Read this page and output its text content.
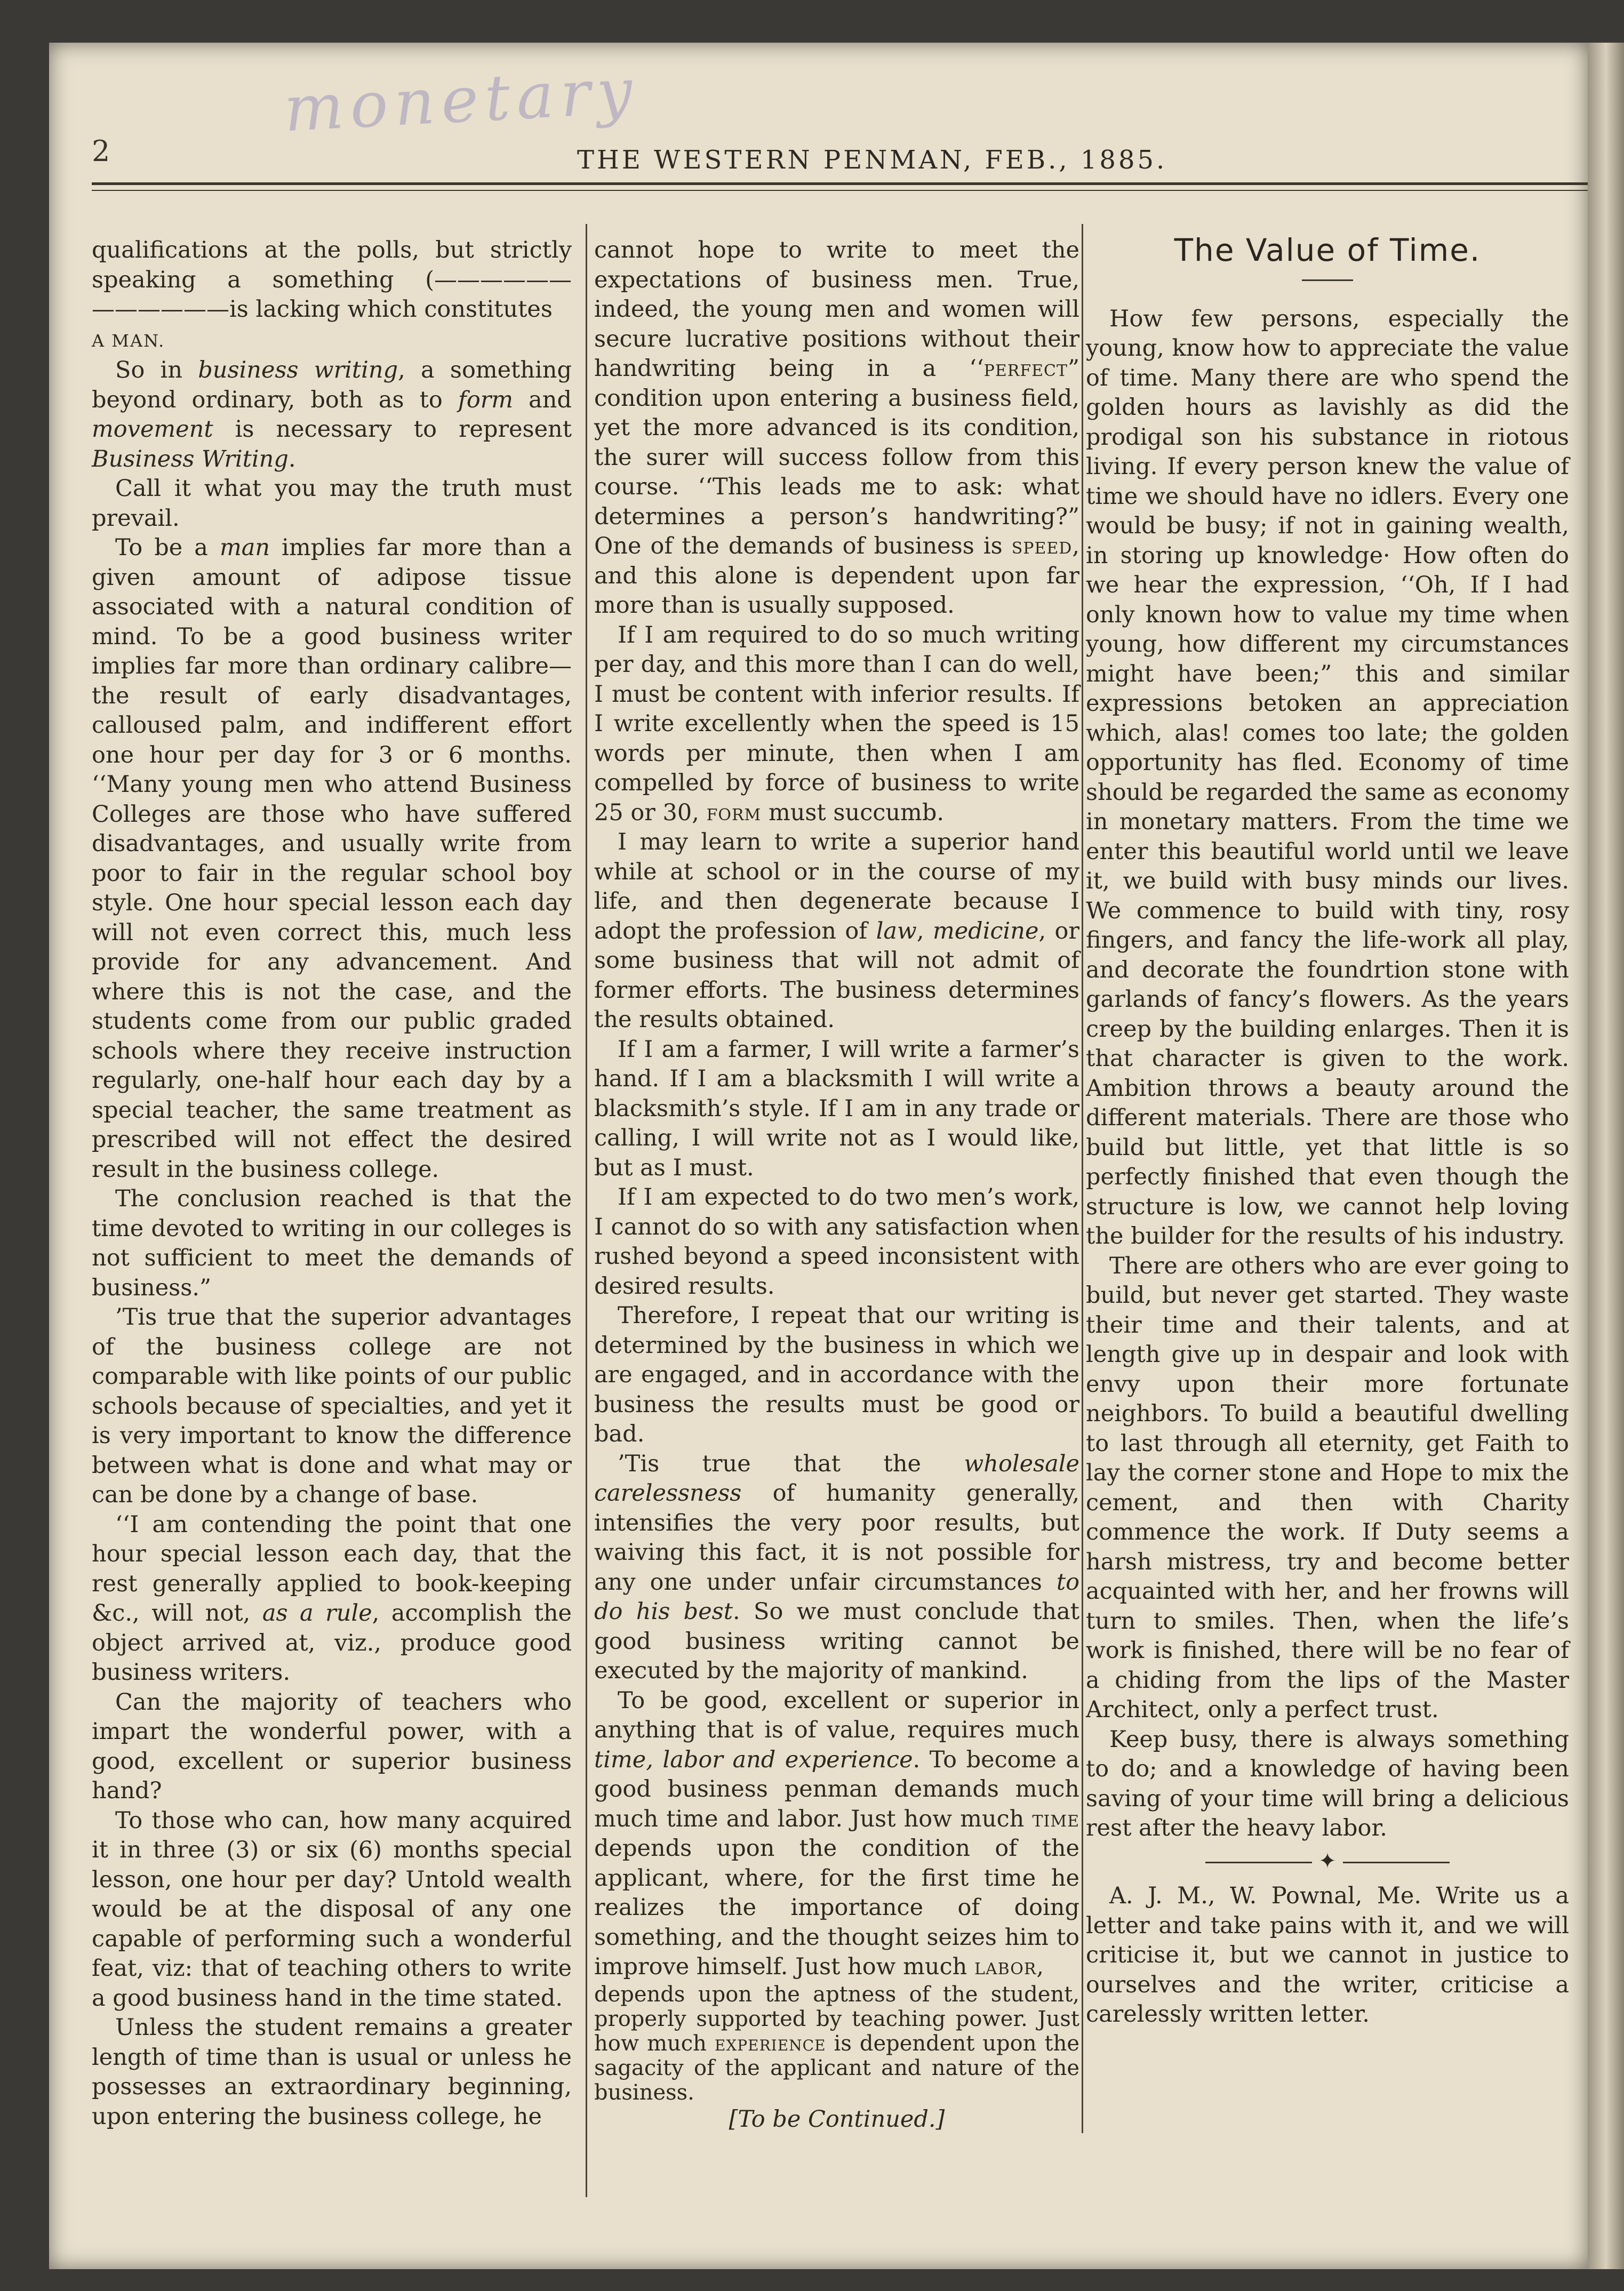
monetary
2	THE WESTERN PENMAN, FEB., 1885.

qualifications at the polls, but strictly speaking a something (—————— ——————is lacking which constitutes

A MAN.

So in business writing, a something beyond ordinary, both as to form and movement is necessary to represent Business Writing.

Call it what you may the truth must prevail.

To be a man implies far more than a given amount of adipose tissue associated with a natural condition of mind. To be a good business writer implies far more than ordinary calibre—the result of early disadvantages, calloused palm, and indifferent effort one hour per day for 3 or 6 months. ‘‘Many young men who attend Business Colleges are those who have suffered disadvantages, and usually write from poor to fair in the regular school boy style. One hour special lesson each day will not even correct this, much less provide for any advancement. And where this is not the case, and the students come from our public graded schools where they receive instruction regularly, one-half hour each day by a special teacher, the same treatment as prescribed will not effect the desired result in the business college.

The conclusion reached is that the time devoted to writing in our colleges is not sufficient to meet the demands of business.”

’Tis true that the superior advantages of the business college are not comparable with like points of our public schools because of specialties, and yet it is very important to know the difference between what is done and what may or can be done by a change of base.

‘‘I am contending the point that one hour special lesson each day, that the rest generally applied to book-keeping &c., will not, as a rule, accomplish the object arrived at, viz., produce good business writers.

Can the majority of teachers who impart the wonderful power, with a good, excellent or superior business hand?

To those who can, how many acquired it in three (3) or six (6) months special lesson, one hour per day? Untold wealth would be at the disposal of any one capable of performing such a wonderful feat, viz: that of teaching others to write a good business hand in the time stated.

Unless the student remains a greater length of time than is usual or unless he possesses an extraordinary beginning, upon entering the business college, he

cannot hope to write to meet the expectations of business men. True, indeed, the young men and women will secure lucrative positions without their handwriting being in a ‘‘perfect” condition upon entering a business field, yet the more advanced is its condition, the surer will success follow from this course. ‘‘This leads me to ask: what determines a person’s handwriting?” One of the demands of business is speed, and this alone is dependent upon far more than is usually supposed.

If I am required to do so much writing per day, and this more than I can do well, I must be content with inferior results. If I write excellently when the speed is 15 words per minute, then when I am compelled by force of business to write 25 or 30, form must succumb.

I may learn to write a superior hand while at school or in the course of my life, and then degenerate because I adopt the profession of law, medicine, or some business that will not admit of former efforts. The business determines the results obtained.

If I am a farmer, I will write a farmer’s hand. If I am a blacksmith I will write a blacksmith’s style. If I am in any trade or calling, I will write not as I would like, but as I must.

If I am expected to do two men’s work, I cannot do so with any satisfaction when rushed beyond a speed inconsistent with desired results.

Therefore, I repeat that our writing is determined by the business in which we are engaged, and in accordance with the business the results must be good or bad.

’Tis true that the wholesale carelessness of humanity generally, intensifies the very poor results, but waiving this fact, it is not possible for any one under unfair circumstances to do his best. So we must conclude that good business writing cannot be executed by the majority of mankind.

To be good, excellent or superior in anything that is of value, requires much time, labor and experience. To become a good business penman demands much much time and labor. Just how much time depends upon the condition of the applicant, where, for the first time he realizes the importance of doing something, and the thought seizes him to improve himself. Just how much labor,

depends upon the aptness of the student, properly supported by teaching power. Just how much experience is dependent upon the sagacity of the applicant and nature of the business.

[To be Continued.]

The Value of Time.

How few persons, especially the young, know how to appreciate the value of time. Many there are who spend the golden hours as lavishly as did the prodigal son his substance in riotous living. If every person knew the value of time we should have no idlers. Every one would be busy; if not in gaining wealth, in storing up knowledge· How often do we hear the expression, ‘‘Oh, If I had only known how to value my time when young, how different my circumstances might have been;” this and similar expressions betoken an appreciation which, alas! comes too late; the golden opportunity has fled. Economy of time should be regarded the same as economy in monetary matters. From the time we enter this beautiful world until we leave it, we build with busy minds our lives. We commence to build with tiny, rosy fingers, and fancy the life-work all play, and decorate the foundrtion stone with garlands of fancy’s flowers. As the years creep by the building enlarges. Then it is that character is given to the work. Ambition throws a beauty around the different materials. There are those who build but little, yet that little is so perfectly finished that even though the structure is low, we cannot help loving the builder for the results of his industry.

There are others who are ever going to build, but never get started. They waste their time and their talents, and at length give up in despair and look with envy upon their more fortunate neighbors. To build a beautiful dwelling to last through all eternity, get Faith to lay the corner stone and Hope to mix the cement, and then with Charity commence the work. If Duty seems a harsh mistress, try and become better acquainted with her, and her frowns will turn to smiles. Then, when the life’s work is finished, there will be no fear of a chiding from the lips of the Master Architect, only a perfect trust.

Keep busy, there is always something to do; and a knowledge of having been saving of your time will bring a delicious rest after the heavy labor.

✦

A. J. M., W. Pownal, Me. Write us a letter and take pains with it, and we will criticise it, but we cannot in justice to ourselves and the writer, criticise a carelessly written letter.
